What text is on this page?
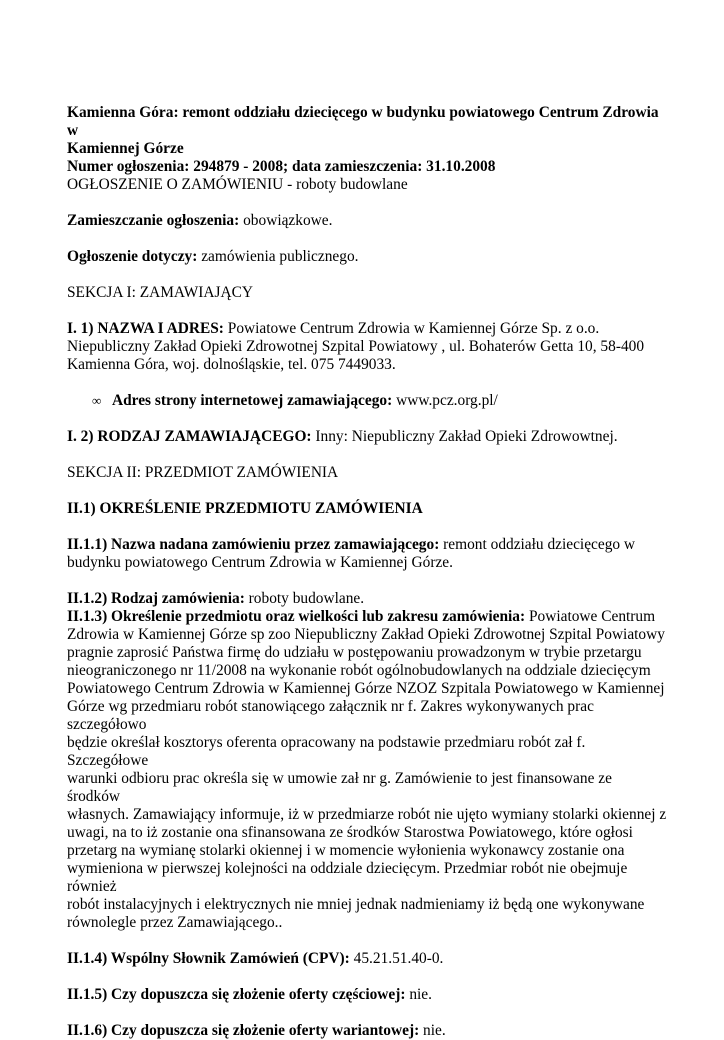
Kamienna Góra: remont oddziału dziecięcego w budynku powiatowego Centrum Zdrowia w
Kamiennej Górze

Numer ogłoszenia: 294879 - 2008; data zamieszczenia: 31.10.2008

OGŁOSZENIE O ZAMÓWIENIU - roboty budowlane

Zamieszczanie ogłoszenia: obowiązkowe.

Ogłoszenie dotyczy: zamówienia publicznego.

SEKCJA I: ZAMAWIAJĄCY

I. 1) NAZWA I ADRES: Powiatowe Centrum Zdrowia w Kamiennej Górze Sp. z o.o.
Niepubliczny Zakład Opieki Zdrowotnej Szpital Powiatowy , ul. Bohaterów Getta 10, 58-400
Kamienna Góra, woj. dolnośląskie, tel. 075 7449033.

∞ Adres strony internetowej zamawiającego: www.pcz.org.pl/

I. 2) RODZAJ ZAMAWIAJĄCEGO: Inny: Niepubliczny Zakład Opieki Zdrowowtnej.

SEKCJA II: PRZEDMIOT ZAMÓWIENIA

II.1) OKREŚLENIE PRZEDMIOTU ZAMÓWIENIA

II.1.1) Nazwa nadana zamówieniu przez zamawiającego: remont oddziału dziecięcego w
budynku powiatowego Centrum Zdrowia w Kamiennej Górze.

II.1.2) Rodzaj zamówienia: roboty budowlane.

II.1.3) Określenie przedmiotu oraz wielkości lub zakresu zamówienia: Powiatowe Centrum
Zdrowia w Kamiennej Górze sp zoo Niepubliczny Zakład Opieki Zdrowotnej Szpital Powiatowy
pragnie zaprosić Państwa firmę do udziału w postępowaniu prowadzonym w trybie przetargu
nieograniczonego nr 11/2008 na wykonanie robót ogólnobudowlanych na oddziale dziecięcym
Powiatowego Centrum Zdrowia w Kamiennej Górze NZOZ Szpitala Powiatowego w Kamiennej
Górze wg przedmiaru robót stanowiącego załącznik nr f. Zakres wykonywanych prac szczegółowo
będzie określał kosztorys oferenta opracowany na podstawie przedmiaru robót zał f. Szczegółowe
warunki odbioru prac określa się w umowie zał nr g. Zamówienie to jest finansowane ze środków
własnych. Zamawiający informuje, iż w przedmiarze robót nie ujęto wymiany stolarki okiennej z
uwagi, na to iż zostanie ona sfinansowana ze środków Starostwa Powiatowego, które ogłosi
przetarg na wymianę stolarki okiennej i w momencie wyłonienia wykonawcy zostanie ona
wymieniona w pierwszej kolejności na oddziale dziecięcym. Przedmiar robót nie obejmuje również
robót instalacyjnych i elektrycznych nie mniej jednak nadmieniamy iż będą one wykonywane
równolegle przez Zamawiającego..

II.1.4) Wspólny Słownik Zamówień (CPV): 45.21.51.40-0.

II.1.5) Czy dopuszcza się złożenie oferty częściowej: nie.

II.1.6) Czy dopuszcza się złożenie oferty wariantowej: nie.
